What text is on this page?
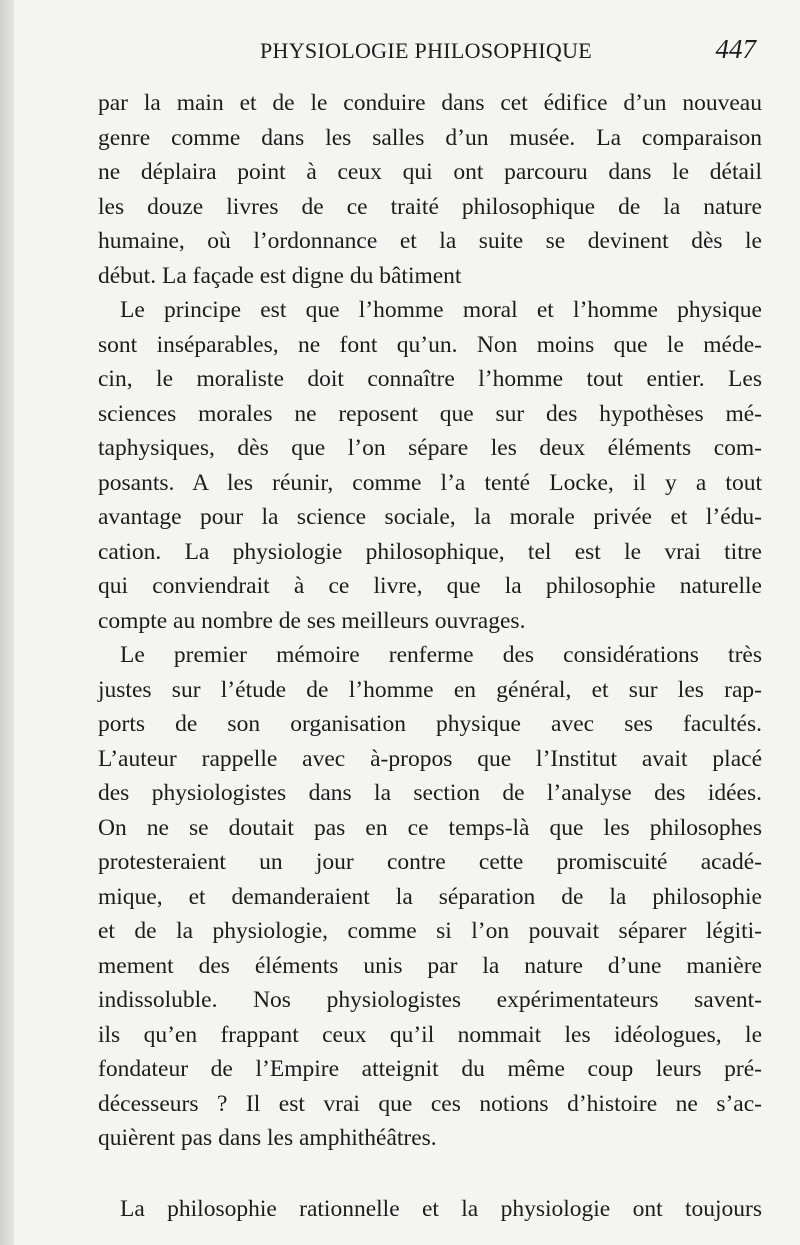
PHYSIOLOGIE PHILOSOPHIQUE	447
par la main et de le conduire dans cet édifice d’un nouveau
genre comme dans les salles d’un musée. La comparaison
ne déplaira point à ceux qui ont parcouru dans le détail
les douze livres de ce traité philosophique de la nature
humaine, où l’ordonnance et la suite se devinent dès le
début. La façade est digne du bâtiment
Le principe est que l’homme moral et l’homme physique
sont inséparables, ne font qu’un. Non moins que le méde-
cin, le moraliste doit connaître l’homme tout entier. Les
sciences morales ne reposent que sur des hypothèses mé-
taphysiques, dès que l’on sépare les deux éléments com-
posants. A les réunir, comme l’a tenté Locke, il y a tout
avantage pour la science sociale, la morale privée et l’édu-
cation. La physiologie philosophique, tel est le vrai titre
qui conviendrait à ce livre, que la philosophie naturelle
compte au nombre de ses meilleurs ouvrages.
Le premier mémoire renferme des considérations très
justes sur l’étude de l’homme en général, et sur les rap-
ports de son organisation physique avec ses facultés.
L’auteur rappelle avec à-propos que l’Institut avait placé
des physiologistes dans la section de l’analyse des idées.
On ne se doutait pas en ce temps-là que les philosophes
protesteraient un jour contre cette promiscuité acadé-
mique, et demanderaient la séparation de la philosophie
et de la physiologie, comme si l’on pouvait séparer légiti-
mement des éléments unis par la nature d’une manière
indissoluble. Nos physiologistes expérimentateurs savent-
ils qu’en frappant ceux qu’il nommait les idéologues, le
fondateur de l’Empire atteignit du même coup leurs pré-
décesseurs ? Il est vrai que ces notions d’histoire ne s’ac-
quièrent pas dans les amphithéâtres.
La philosophie rationnelle et la physiologie ont toujours
